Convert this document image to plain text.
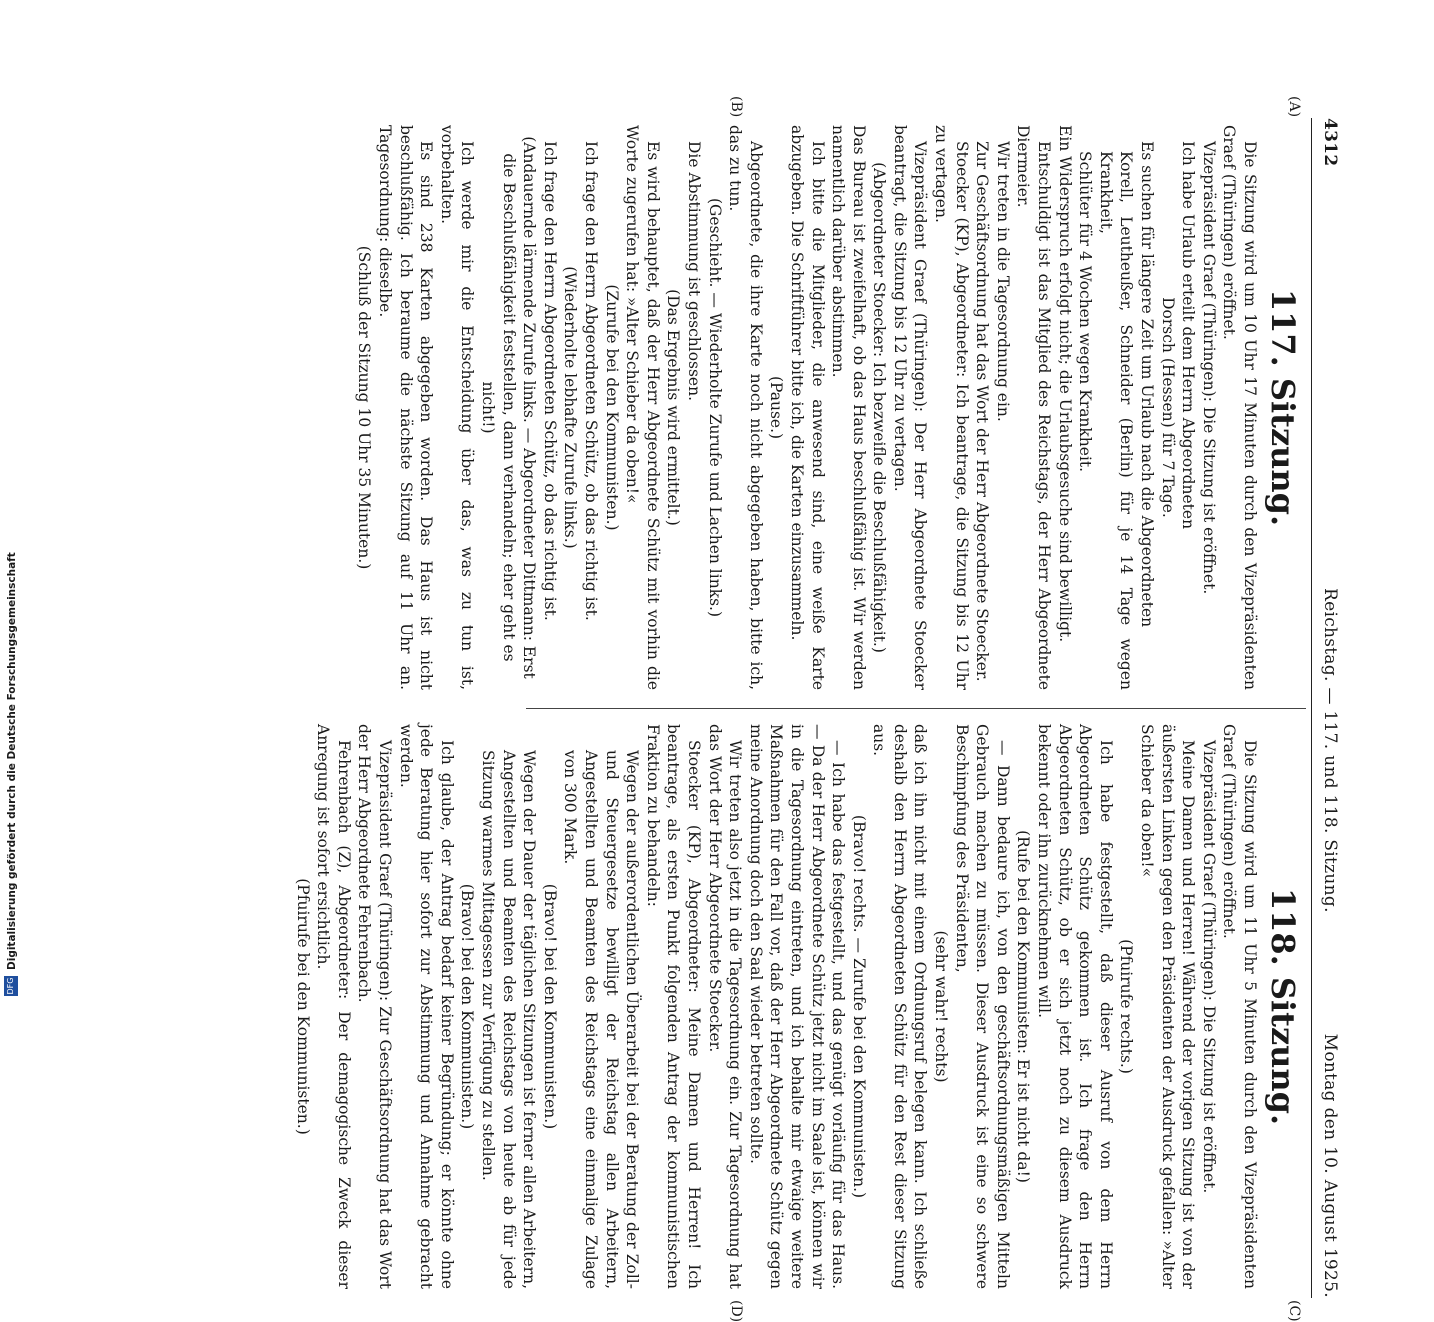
4312
Reichstag. — 117. und 118. Sitzung.
Montag den 10. August 1925.
(A)
(B)
(C)
(D)
117. Sitzung.

Die Sitzung wird um 10 Uhr 17 Minuten durch den Vizepräsidenten Graef (Thüringen) eröffnet.

Vizepräsident Graef (Thüringen): Die Sitzung ist eröffnet.

Ich habe Urlaub erteilt dem Herrn Abgeordneten

Dorsch (Hessen) für 7 Tage.

Es suchen für längere Zeit um Urlaub nach die Abgeordneten

Korell, Leutheußer, Schneider (Berlin) für je 14 Tage wegen Krankheit,

Schlüter für 4 Wochen wegen Krankheit.

Ein Widerspruch erfolgt nicht; die Urlaubsgesuche sind bewilligt.

Entschuldigt ist das Mitglied des Reichstags, der Herr Abgeordnete Diermeier.

Wir treten in die Tagesordnung ein.

Zur Geschäftsordnung hat das Wort der Herr Abgeordnete Stoecker.

Stoecker (KP), Abgeordneter: Ich beantrage, die Sitzung bis 12 Uhr zu vertagen.

Vizepräsident Graef (Thüringen): Der Herr Abgeordnete Stoecker beantragt, die Sitzung bis 12 Uhr zu vertagen.

(Abgeordneter Stoecker: Ich bezweifle die Beschlußfähigkeit.)

Das Bureau ist zweifelhaft, ob das Haus beschlußfähig ist. Wir werden namentlich darüber abstimmen.

Ich bitte die Mitglieder, die anwesend sind, eine weiße Karte abzugeben. Die Schriftführer bitte ich, die Karten einzusammeln.

(Pause.)

Abgeordnete, die ihre Karte noch nicht abgegeben haben, bitte ich, das zu tun.

(Geschieht. — Wiederholte Zurufe und Lachen links.)

Die Abstimmung ist geschlossen.

(Das Ergebnis wird ermittelt.)

Es wird behauptet, daß der Herr Abgeordnete Schütz mit vorhin die Worte zugerufen hat: »Alter Schieber da oben!«

(Zurufe bei den Kommunisten.)

Ich frage den Herrn Abgeordneten Schütz, ob das richtig ist.

(Wiederholte lebhafte Zurufe links.)

Ich frage den Herrn Abgeordneten Schütz, ob das richtig ist.

(Andauernde lärmende Zurufe links. — Abgeordneter Dittmann: Erst die Beschlußfähigkeit feststellen, dann verhandeln; eher geht es nicht!)

Ich werde mir die Entscheidung über das, was zu tun ist, vorbehalten.

Es sind 238 Karten abgegeben worden. Das Haus ist nicht beschlußfähig. Ich beraume die nächste Sitzung auf 11 Uhr an. Tagesordnung: dieselbe.

(Schluß der Sitzung 10 Uhr 35 Minuten.)

118. Sitzung.

Die Sitzung wird um 11 Uhr 5 Minuten durch den Vizepräsidenten Graef (Thüringen) eröffnet.

Vizepräsident Graef (Thüringen): Die Sitzung ist eröffnet.

Meine Damen und Herren! Während der vorigen Sitzung ist von der äußersten Linken gegen den Präsidenten der Ausdruck gefallen: »Alter Schieber da oben!«

(Pfuirufe rechts.)

Ich habe festgestellt, daß dieser Ausruf von dem Herrn Abgeordneten Schütz gekommen ist. Ich frage den Herrn Abgeordneten Schütz, ob er sich jetzt noch zu diesem Ausdruck bekennt oder ihn zurücknehmen will.

(Rufe bei den Kommunisten: Er ist nicht da!)

— Dann bedaure ich, von den geschäftsordnungsmäßigen Mitteln Gebrauch machen zu müssen. Dieser Ausdruck ist eine so schwere Beschimpfung des Präsidenten,

(sehr wahr! rechts)

daß ich ihn nicht mit einem Ordnungsruf belegen kann. Ich schließe deshalb den Herrn Abgeordneten Schütz für den Rest dieser Sitzung aus.

(Bravo! rechts. — Zurufe bei den Kommunisten.)

— Ich habe das festgestellt, und das genügt vorläufig für das Haus. — Da der Herr Abgeordnete Schütz jetzt nicht im Saale ist, können wir in die Tagesordnung eintreten, und ich behalte mir etwaige weitere Maßnahmen für den Fall vor, daß der Herr Abgeordnete Schütz gegen meine Anordnung doch den Saal wieder betreten sollte.

Wir treten also jetzt in die Tagesordnung ein. Zur Tagesordnung hat das Wort der Herr Abgeordnete Stoecker.

Stoecker (KP), Abgeordneter: Meine Damen und Herren! Ich beantrage, als ersten Punkt folgenden Antrag der kommunistischen Fraktion zu behandeln:

Wegen der außerordentlichen Überarbeit bei der Beratung der Zoll- und Steuergesetze bewilligt der Reichstag allen Arbeitern, Angestellten und Beamten des Reichstags eine einmalige Zulage von 300 Mark.

(Bravo! bei den Kommunisten.)

Wegen der Dauer der täglichen Sitzungen ist ferner allen Arbeitern, Angestellten und Beamten des Reichstags von heute ab für jede Sitzung warmes Mittagessen zur Verfügung zu stellen.

(Bravo! bei den Kommunisten.)

Ich glaube, der Antrag bedarf keiner Begründung; er könnte ohne jede Beratung hier sofort zur Abstimmung und Annahme gebracht werden.

Vizepräsident Graef (Thüringen): Zur Geschäftsordnung hat das Wort der Herr Abgeordnete Fehrenbach.

Fehrenbach (Z), Abgeordneter: Der demagogische Zweck dieser Anregung ist sofort ersichtlich.

(Pfuirufe bei den Kommunisten.)

DFG
Digitalisierung gefördert durch die Deutsche Forschungsgemeinschaft
